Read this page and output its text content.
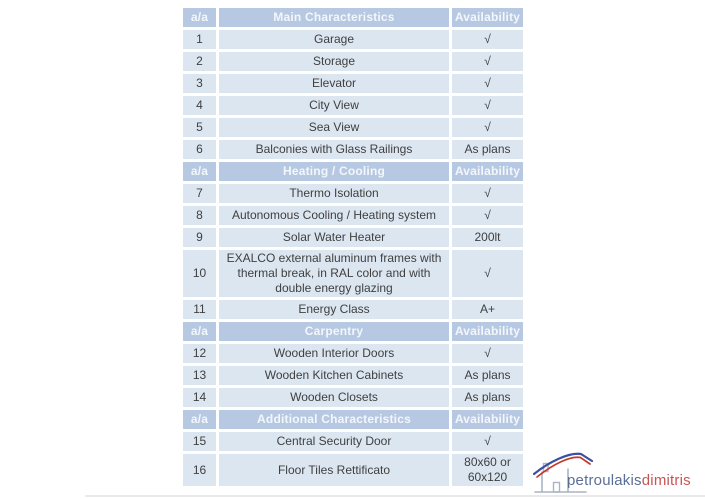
a/a	Main Characteristics	Availability
1	Garage	√
2	Storage	√
3	Elevator	√
4	City View	√
5	Sea View	√
6	Balconies with Glass Railings	As plans
a/a	Heating / Cooling	Availability
7	Thermo Isolation	√
8	Autonomous Cooling / Heating system	√
9	Solar Water Heater	200lt
10	EXALCO external aluminum frames with thermal break, in RAL color and with double energy glazing	√
11	Energy Class	A+
a/a	Carpentry	Availability
12	Wooden Interior Doors	√
13	Wooden Kitchen Cabinets	As plans
14	Wooden Closets	As plans
a/a	Additional Characteristics	Availability
15	Central Security Door	√
16	Floor Tiles Rettificato	80x60 or 60x120	petroulakisdimitris
